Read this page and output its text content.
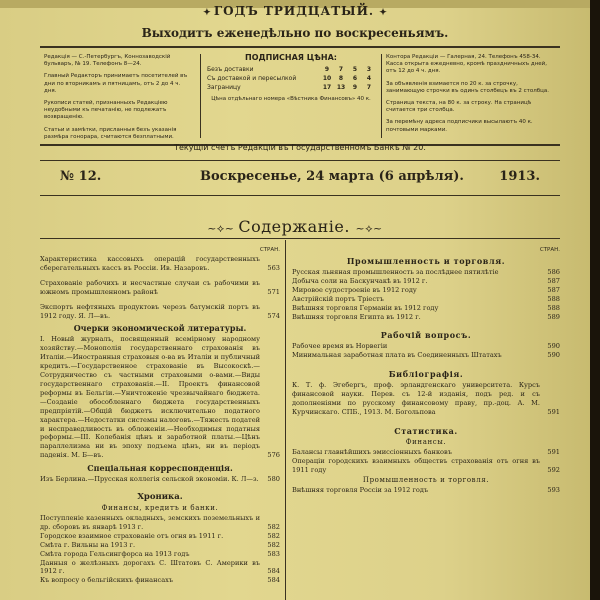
✦ ГОДЪ ТРИДЦАТЫЙ. ✦
Выходитъ еженедѣльно по воскресеньямъ.

Редакція — С.-Петербургъ, Коннозаводскій бульваръ, № 19. Телефонъ 8—24.

Главный Редакторъ принимаетъ посетителей въ дни по вторникамъ и пятницамъ, отъ 2 до 4 ч. дня.

Рукописи статей, признанныхъ Редакціею неудобными къ печатанію, не подлежатъ возвращенію.

Статьи и замѣтки, присланныя безъ указанія размѣра гонорара, считаются безплатными.

ПОДПИСНАЯ ЦѢНА:
Безъ доставки	9	7	5	3
Съ доставкой и пересылкой	10	8	6	4
Заграницу	17	13	9	7

Цѣна отдѣльнаго номера «Вѣстника Финансовъ» 40 к.

Контора Редакціи — Галерная, 24. Телефонъ 458-34. Касса открыта ежедневно, кромѣ праздничныхъ дней, отъ 12 до 4 ч. дня.

За объявленія взимается по 20 к. за строчку, занимающую строчки въ одинъ столбецъ въ 2 столбца.

Страница текста, на 80 к. за строку. На страницѣ считается три столбца.

За перемѣну адреса подписчики высылаютъ 40 к. почтовыми марками.

Текущій счетъ Редакціи въ Государственномъ Банкѣ № 20.
№ 12.	Воскресенье, 24 марта (6 апрѣля).	1913.
~⟡~ Содержаніе. ~⟡~
СТРАН.
Характеристика кассовыхъ операцій государственныхъ сберегательныхъ кассъ въ Россіи. Ив. Назаровъ.	563
Страхованіе рабочихъ и несчастные случаи съ рабочими въ южномъ промышленномъ районѣ	571
Экспортъ нефтяныхъ продуктовъ черезъ батумскій портъ въ 1912 году. Я. Л—въ.	574
Очерки экономической литературы.
I. Новый журналъ, посвященный всемірному народному хозяйству.—Монополія государственнаго страхованія въ Италіи.—Иностранныя страховыя о-ва въ Италіи и публичный кредитъ.—Государственное страхованіе въ Высокоскѣ.—Сотрудничество съ частными страховыми о-вами.—Виды государственнаго страхованія.—II. Проектъ финансовой реформы въ Бельгіи.—Уничтоженіе чрезвычайнаго бюджета.—Созданіе обособленнаго бюджета государственныхъ предпріятій.—Общій бюджетъ исключительно податного характера.—Недостатки системы налоговъ.—Тяжесть податей и несправедливость въ обложеніи.—Необходимыя податныя реформы.—III. Колебанія цѣнъ и заработной платы.—Цѣнъ параллелизма ни въ эпоху подъема цѣнъ, ни въ періодъ паденія. М. Б—въ.	576
Спеціальная корреспонденція.
Изъ Берлина.—Прусская коллегія сельской экономіи. К. Л—з. 580
Хроника.
Финансы, кредитъ и банки.
Поступленіе казенныхъ окладныхъ, земскихъ поземельныхъ и др. сборовъ въ январѣ 1913 г.	582
Городское взаимное страхованіе отъ огня въ 1911 г.	582
Смѣта г. Вильны на 1913 г.	582
Смѣта города Гельсингфорса на 1913 годъ	583
Данныя о желѣзныхъ дорогахъ С. Штатовъ С. Америки въ 1912 г.	584
Къ вопросу о бельгійскихъ финансахъ	584
СТРАН.
Промышленность и торговля.
Русская льняная промышленность за послѣднее пятилѣтіе	586
Добыча соли на Баскунчакѣ въ 1912 г.	587
Мировое судостроеніе въ 1912 году	587
Австрійскій портъ Тріестъ	588
Внѣшняя торговля Германіи въ 1912 году	588
Внѣшняя торговля Египта въ 1912 г.	589
Рабочій вопросъ.
Рабочее время въ Норвегіи	590
Минимальная заработная плата въ Соединенныхъ Штатахъ	590
Библіографія.
К. Т. ф. Эгебергъ, проф. эрландгенскаго университета. Курсъ финансовой науки. Перев. съ 12-й изданія, подъ ред. и съ дополненіями по русскому финансовому праву, пр.-доц. А. М. Курчинскаго. СПБ., 1913. М. Богольпова	591
Статистика.
Финансы.
Балансы главнѣйшихъ эмиссіонныхъ банковъ	591
Операціи городскихъ взаимныхъ обществъ страхованія отъ огня въ 1911 году	592
Промышленность и торговля.
Внѣшняя торговля Россіи за 1912 годъ	593
